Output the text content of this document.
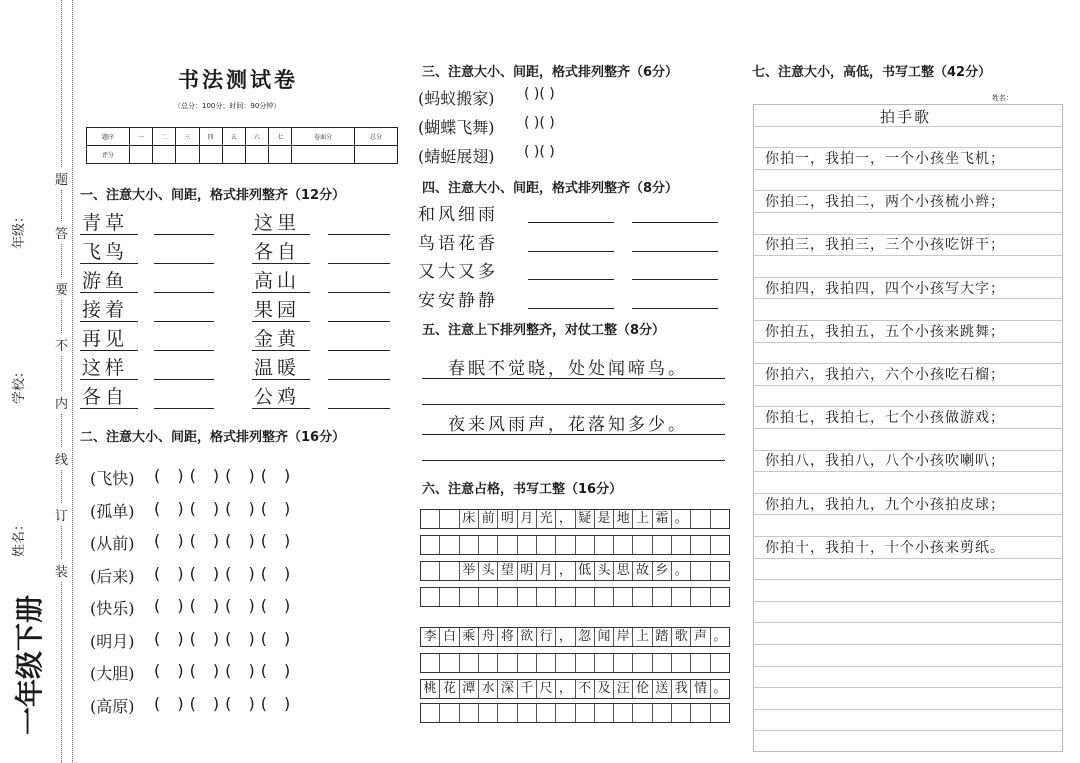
年级：
学校：
姓名：
一年级下册
题
答
要
不
内
线
订
装
书法测试卷
（总分：100分；时间：90分钟）
题序	一	二	三	四	五	六	七	卷面分	总分
评分									
一、注意大小、间距，格式排列整齐（12分）
青草	这里
飞鸟	各自
游鱼	高山
接着	果园
再见	金黄
这样	温暖
各自	公鸡
二、注意大小、间距，格式排列整齐（16分）
(飞快) ( )( )( )( )
(孤单) ( )( )( )( )
(从前) ( )( )( )( )
(后来) ( )( )( )( )
(快乐) ( )( )( )( )
(明月) ( )( )( )( )
(大胆) ( )( )( )( )
(高原) ( )( )( )( )
三、注意大小、间距，格式排列整齐（6分）
(蚂蚁搬家) ( )( )
(蝴蝶飞舞) ( )( )
(蜻蜓展翅) ( )( )
四、注意大小、间距，格式排列整齐（8分）
和风细雨
鸟语花香
又大又多
安安静静
五、注意上下排列整齐，对仗工整（8分）
春眠不觉晓，处处闻啼鸟。
夜来风雨声，花落知多少。
六、注意占格，书写工整（16分）
床 前 明 月 光 ， 疑 是 地 上 霜 。
举 头 望 明 月 ， 低 头 思 故 乡 。
李 白 乘 舟 将 欲 行 ， 忽 闻 岸 上 踏 歌 声 。
桃 花 潭 水 深 千 尺 ， 不 及 汪 伦 送 我 情 。
七、注意大小，高低，书写工整（42分）
姓名：
你拍一，我拍一，一个小孩坐飞机；
你拍二，我拍二，两个小孩梳小辫；
你拍三，我拍三，三个小孩吃饼干；
你拍四，我拍四，四个小孩写大字；
你拍五，我拍五，五个小孩来跳舞；
你拍六，我拍六，六个小孩吃石榴；
你拍七，我拍七，七个小孩做游戏；
你拍八，我拍八，八个小孩吹喇叭；
你拍九，我拍九，九个小孩拍皮球；
你拍十，我拍十，十个小孩来剪纸。
拍手歌
